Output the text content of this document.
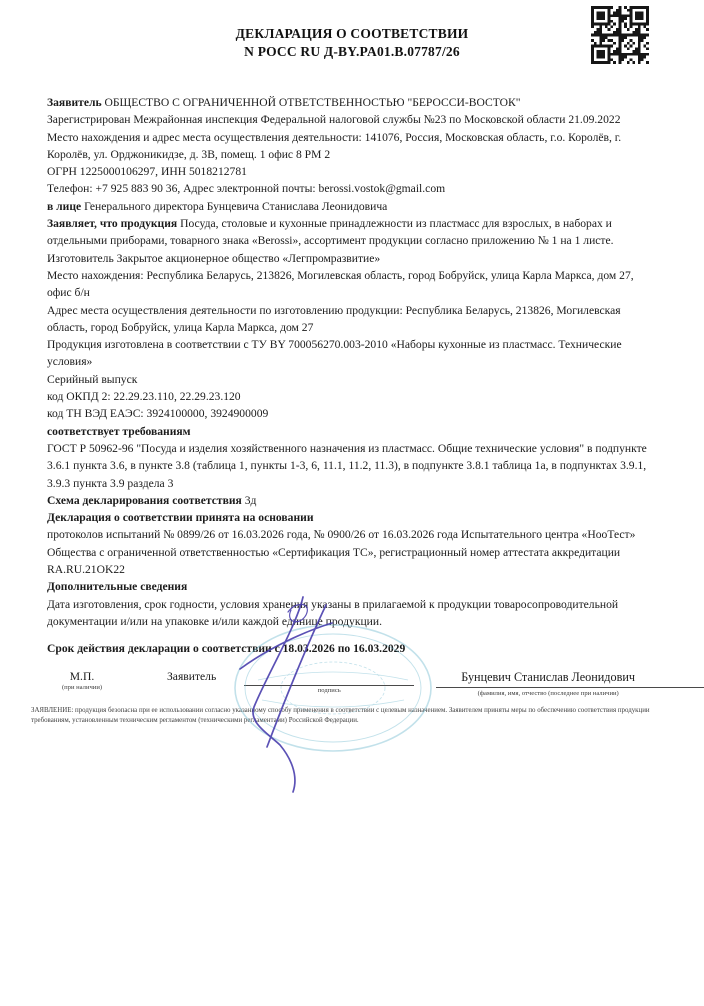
ДЕКЛАРАЦИЯ О СООТВЕТСТВИИ
N РОСС RU Д-BY.PA01.B.07787/26
Заявитель ОБЩЕСТВО С ОГРАНИЧЕННОЙ ОТВЕТСТВЕННОСТЬЮ "БЕРОССИ-ВОСТОК"
Зарегистрирован Межрайонная инспекция Федеральной налоговой службы №23 по Московской области 21.09.2022
Место нахождения и адрес места осуществления деятельности: 141076, Россия, Московская область, г.о. Королёв, г. Королёв, ул. Орджоникидзе, д. 3В, помещ. 1 офис 8 РМ 2
ОГРН 1225000106297, ИНН 5018212781
Телефон: +7 925 883 90 36, Адрес электронной почты: berossi.vostok@gmail.com
в лице Генерального директора Бунцевича Станислава Леонидовича
Заявляет, что продукция Посуда, столовые и кухонные принадлежности из пластмасс для взрослых, в наборах и отдельными приборами, товарного знака «Berossi», ассортимент продукции согласно приложению № 1 на 1 листе.
Изготовитель Закрытое акционерное общество «Легпромразвитие»
Место нахождения: Республика Беларусь, 213826, Могилевская область, город Бобруйск, улица Карла Маркса, дом 27, офис б/н
Адрес места осуществления деятельности по изготовлению продукции: Республика Беларусь, 213826, Могилевская область, город Бобруйск, улица Карла Маркса, дом 27
Продукция изготовлена в соответствии с ТУ BY 700056270.003-2010 «Наборы кухонные из пластмасс. Технические условия»
Серийный выпуск
код ОКПД 2: 22.29.23.110, 22.29.23.120
код ТН ВЭД ЕАЭС: 3924100000, 3924900009
соответствует требованиям
ГОСТ Р 50962-96 "Посуда и изделия хозяйственного назначения из пластмасс. Общие технические условия" в подпункте 3.6.1 пункта 3.6, в пункте 3.8 (таблица 1, пункты 1-3, 6, 11.1, 11.2, 11.3), в подпункте 3.8.1 таблица 1а, в подпунктах 3.9.1, 3.9.3 пункта 3.9 раздела 3
Схема декларирования соответствия 3д
Декларация о соответствии принята на основании
протоколов испытаний № 0899/26 от 16.03.2026 года, № 0900/26 от 16.03.2026 года Испытательного центра «НооТест» Общества с ограниченной ответственностью «Сертификация ТС», регистрационный номер аттестата аккредитации RA.RU.21OK22
Дополнительные сведения
Дата изготовления, срок годности, условия хранения указаны в прилагаемой к продукции товаросопроводительной документации и/или на упаковке и/или каждой единице продукции.
Срок действия декларации о соответствии с 18.03.2026 по 16.03.2029
М.П.
(при наличии)
Заявитель
подпись
Бунцевич Станислав Леонидович
(фамилия, имя, отчество (последнее при наличии)
ЗАЯВЛЕНИЕ: продукция безопасна при ее использовании согласно указанному способу применения в соответствии с целевым назначением. Заявителем приняты меры по обеспечению соответствия продукции требованиям, установленным техническим регламентом (техническими регламентами) Российской Федерации.
